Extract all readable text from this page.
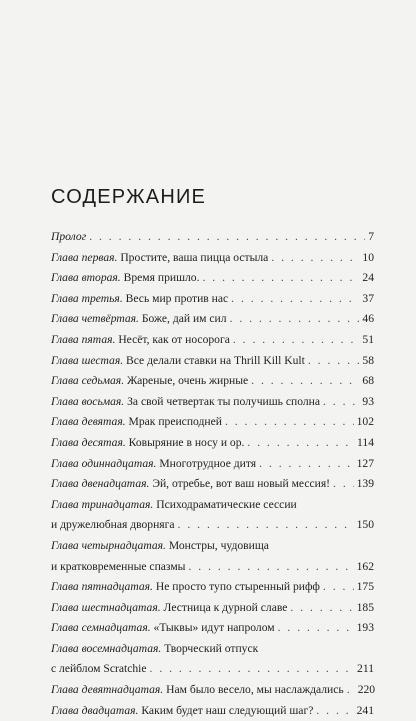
СОДЕРЖАНИЕ
Пролог . . .	7
Глава первая. Простите, ваша пицца остыла . . .	10
Глава вторая. Время пришло. . . .	24
Глава третья. Весь мир против нас . . .	37
Глава четвёртая. Боже, дай им сил . . .	46
Глава пятая. Несёт, как от носорога . . .	51
Глава шестая. Все делали ставки на Thrill Kill Kult . . .	58
Глава седьмая. Жареные, очень жирные . . .	68
Глава восьмая. За свой четвертак ты получишь сполна . . .	93
Глава девятая. Мрак преисподней . . .	102
Глава десятая. Ковыряние в носу и ор. . . .	114
Глава одиннадцатая. Многотрудное дитя . . .	127
Глава двенадцатая. Эй, отребье, вот ваш новый мессия! . . . 139
Глава тринадцатая. Психодраматические сессии
и дружелюбная дворняга . . .	150
Глава четырнадцатая. Монстры, чудовища
и кратковременные спазмы . . .	162
Глава пятнадцатая. Не просто тупо стыренный рифф . . .	175
Глава шестнадцатая. Лестница к дурной славе . . .	185
Глава семнадцатая. «Тыквы» идут напролом . . .	193
Глава восемнадцатая. Творческий отпуск
с лейблом Scratchie . . .	211
Глава девятнадцатая. Нам было весело, мы наслаждались . . . 220
Глава двадцатая. Каким будет наш следующий шаг? . . .	241
